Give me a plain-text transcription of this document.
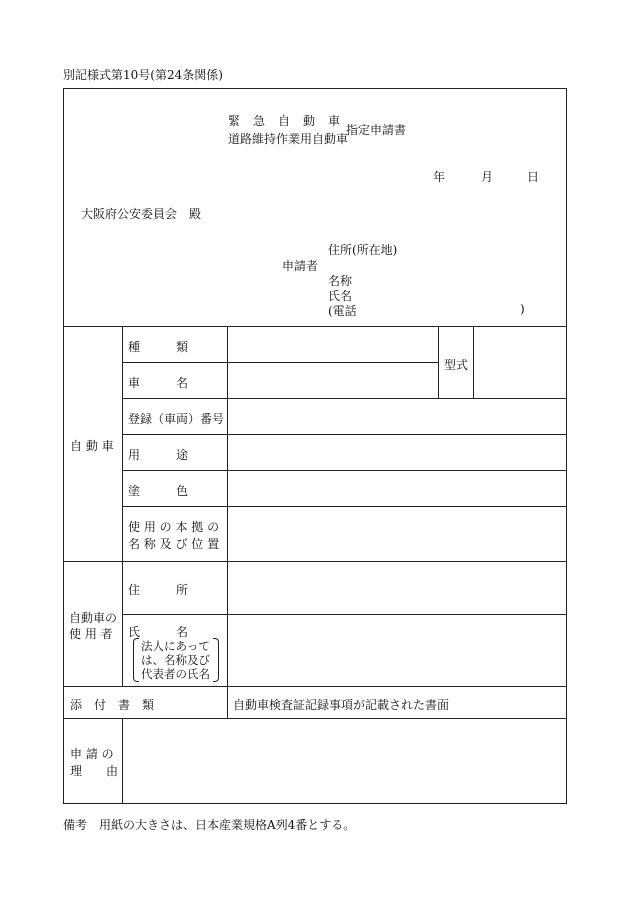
別記様式第10号(第24条関係)
緊　急　自　動　車
道路維持作業用自動車
指定申請書
年	月	日
大阪府公安委員会　殿
申請者
住所(所在地)
名称
氏名
(電話	)
自 動 車
種　　　類
型式
車　　　名
登録（車両）番号
用　　　途
塗　　　色
使 用 の 本 拠 の
名 称 及 び 位 置
自動車の
使 用 者
住　　　所
氏　　　名
法人にあって
は、名称及び
代表者の氏名
添　付　書　類	自動車検査証記録事項が記載された書面
申 請 の
理　　由
備考　用紙の大きさは、日本産業規格A列4番とする。
